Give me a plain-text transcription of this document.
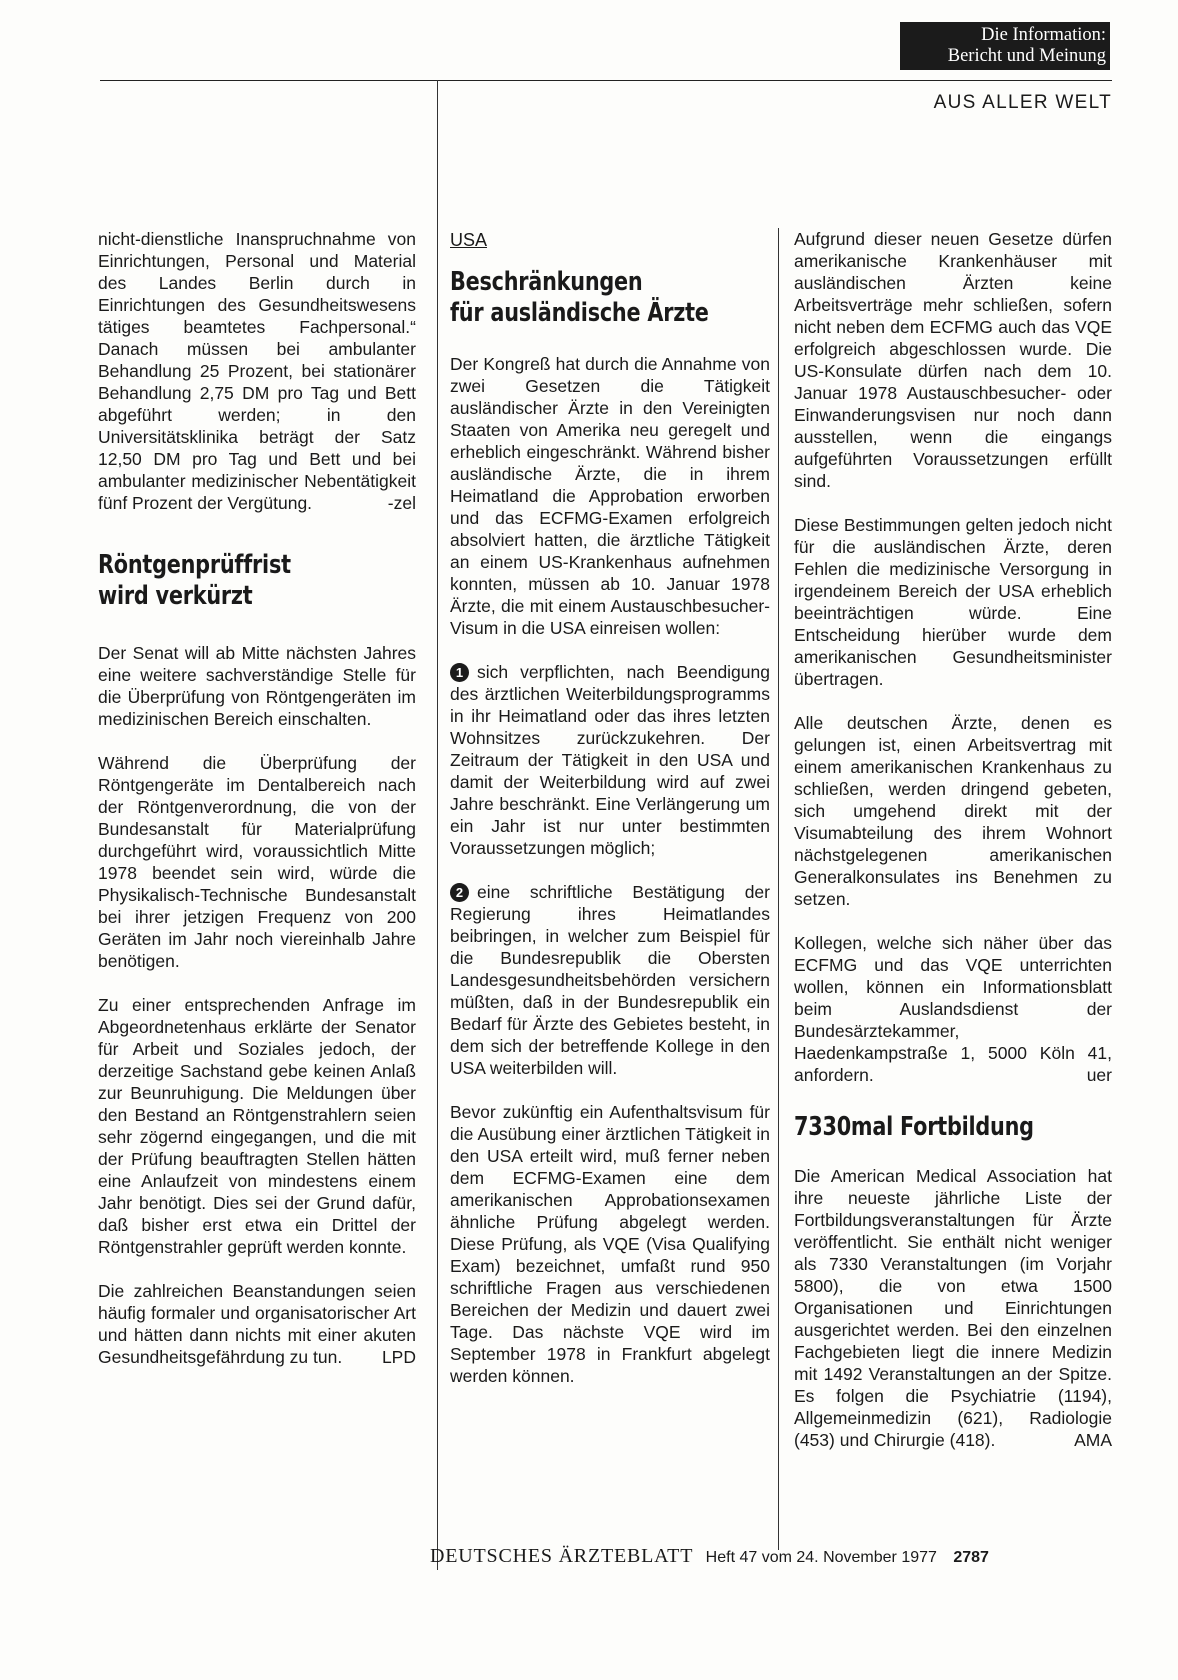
Die Information:
Bericht und Meinung
AUS ALLER WELT

nicht-dienstliche Inanspruchnahme von Einrichtungen, Personal und Material des Landes Berlin durch in Einrichtungen des Gesundheitswesens tätiges beamtetes Fachpersonal.“ Danach müssen bei ambulanter Behandlung 25 Prozent, bei stationärer Behandlung 2,75 DM pro Tag und Bett abgeführt werden; in den Universitätsklinika beträgt der Satz 12,50 DM pro Tag und Bett und bei ambulanter medizinischer Nebentätigkeit fünf Prozent der Vergütung.	-zel

Röntgenprüffrist
wird verkürzt

Der Senat will ab Mitte nächsten Jahres eine weitere sachverständige Stelle für die Überprüfung von Röntgengeräten im medizinischen Bereich einschalten.

Während die Überprüfung der Röntgengeräte im Dentalbereich nach der Röntgenverordnung, die von der Bundesanstalt für Materialprüfung durchgeführt wird, voraussichtlich Mitte 1978 beendet sein wird, würde die Physikalisch-Technische Bundesanstalt bei ihrer jetzigen Frequenz von 200 Geräten im Jahr noch viereinhalb Jahre benötigen.

Zu einer entsprechenden Anfrage im Abgeordnetenhaus erklärte der Senator für Arbeit und Soziales jedoch, der derzeitige Sachstand gebe keinen Anlaß zur Beunruhigung. Die Meldungen über den Bestand an Röntgenstrahlern seien sehr zögernd eingegangen, und die mit der Prüfung beauftragten Stellen hätten eine Anlaufzeit von mindestens einem Jahr benötigt. Dies sei der Grund dafür, daß bisher erst etwa ein Drittel der Röntgenstrahler geprüft werden konnte.

Die zahlreichen Beanstandungen seien häufig formaler und organisatorischer Art und hätten dann nichts mit einer akuten Gesundheitsgefährdung zu tun. LPD

USA
Beschränkungen
für ausländische Ärzte

Der Kongreß hat durch die Annahme von zwei Gesetzen die Tätigkeit ausländischer Ärzte in den Vereinigten Staaten von Amerika neu geregelt und erheblich eingeschränkt. Während bisher ausländische Ärzte, die in ihrem Heimatland die Approbation erworben und das ECFMG-Examen erfolgreich absolviert hatten, die ärztliche Tätigkeit an einem US-Krankenhaus aufnehmen konnten, müssen ab 10. Januar 1978 Ärzte, die mit einem Austauschbesucher-Visum in die USA einreisen wollen:

1 sich verpflichten, nach Beendigung des ärztlichen Weiterbildungsprogramms in ihr Heimatland oder das ihres letzten Wohnsitzes zurückzukehren. Der Zeitraum der Tätigkeit in den USA und damit der Weiterbildung wird auf zwei Jahre beschränkt. Eine Verlängerung um ein Jahr ist nur unter bestimmten Voraussetzungen möglich;

2 eine schriftliche Bestätigung der Regierung ihres Heimatlandes beibringen, in welcher zum Beispiel für die Bundesrepublik die Obersten Landesgesundheitsbehörden versichern müßten, daß in der Bundesrepublik ein Bedarf für Ärzte des Gebietes besteht, in dem sich der betreffende Kollege in den USA weiterbilden will.

Bevor zukünftig ein Aufenthaltsvisum für die Ausübung einer ärztlichen Tätigkeit in den USA erteilt wird, muß ferner neben dem ECFMG-Examen eine dem amerikanischen Approbationsexamen ähnliche Prüfung abgelegt werden. Diese Prüfung, als VQE (Visa Qualifying Exam) bezeichnet, umfaßt rund 950 schriftliche Fragen aus verschiedenen Bereichen der Medizin und dauert zwei Tage. Das nächste VQE wird im September 1978 in Frankfurt abgelegt werden können.

Aufgrund dieser neuen Gesetze dürfen amerikanische Krankenhäuser mit ausländischen Ärzten keine Arbeitsverträge mehr schließen, sofern nicht neben dem ECFMG auch das VQE erfolgreich abgeschlossen wurde. Die US-Konsulate dürfen nach dem 10. Januar 1978 Austauschbesucher- oder Einwanderungsvisen nur noch dann ausstellen, wenn die eingangs aufgeführten Voraussetzungen erfüllt sind.

Diese Bestimmungen gelten jedoch nicht für die ausländischen Ärzte, deren Fehlen die medizinische Versorgung in irgendeinem Bereich der USA erheblich beeinträchtigen würde. Eine Entscheidung hierüber wurde dem amerikanischen Gesundheitsminister übertragen.

Alle deutschen Ärzte, denen es gelungen ist, einen Arbeitsvertrag mit einem amerikanischen Krankenhaus zu schließen, werden dringend gebeten, sich umgehend direkt mit der Visumabteilung des ihrem Wohnort nächstgelegenen amerikanischen Generalkonsulates ins Benehmen zu setzen.

Kollegen, welche sich näher über das ECFMG und das VQE unterrichten wollen, können ein Informationsblatt beim Auslandsdienst der Bundesärztekammer, Haedenkampstraße 1, 5000 Köln 41, anfordern.	uer

7330mal Fortbildung

Die American Medical Association hat ihre neueste jährliche Liste der Fortbildungsveranstaltungen für Ärzte veröffentlicht. Sie enthält nicht weniger als 7330 Veranstaltungen (im Vorjahr 5800), die von etwa 1500 Organisationen und Einrichtungen ausgerichtet werden. Bei den einzelnen Fachgebieten liegt die innere Medizin mit 1492 Veranstaltungen an der Spitze. Es folgen die Psychiatrie (1194), Allgemeinmedizin (621), Radiologie (453) und Chirurgie (418).	AMA

DEUTSCHES ÄRZTEBLATT Heft 47 vom 24. November 1977 2787
